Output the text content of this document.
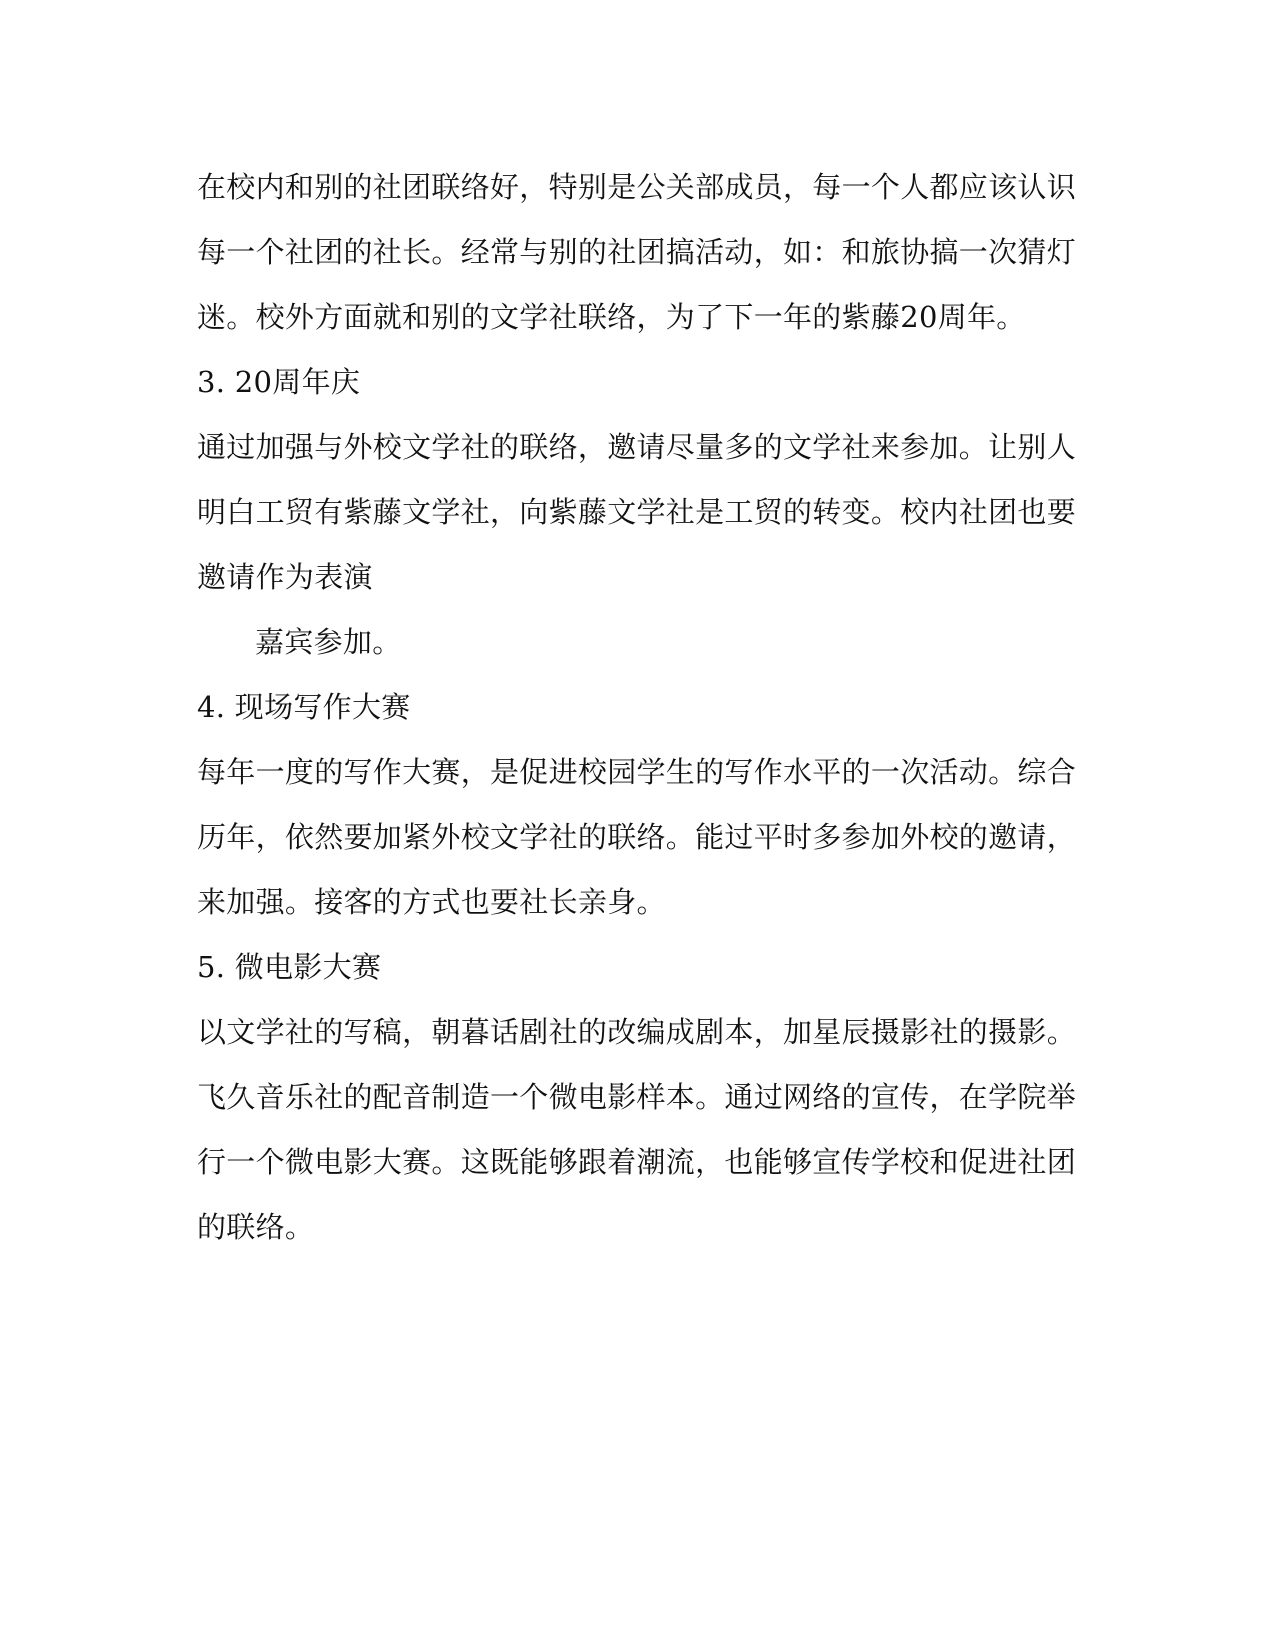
在校内和别的社团联络好，特别是公关部成员，每一个人都应该认识
每一个社团的社长。经常与别的社团搞活动，如：和旅协搞一次猜灯
迷。校外方面就和别的文学社联络，为了下一年的紫藤20周年。
3. 20周年庆
通过加强与外校文学社的联络，邀请尽量多的文学社来参加。让别人
明白工贸有紫藤文学社，向紫藤文学社是工贸的转变。校内社团也要
邀请作为表演
嘉宾参加。
4. 现场写作大赛
每年一度的写作大赛，是促进校园学生的写作水平的一次活动。综合
历年，依然要加紧外校文学社的联络。能过平时多参加外校的邀请，
来加强。接客的方式也要社长亲身。
5. 微电影大赛
以文学社的写稿，朝暮话剧社的改编成剧本，加星辰摄影社的摄影。
飞久音乐社的配音制造一个微电影样本。通过网络的宣传，在学院举
行一个微电影大赛。这既能够跟着潮流，也能够宣传学校和促进社团
的联络。
